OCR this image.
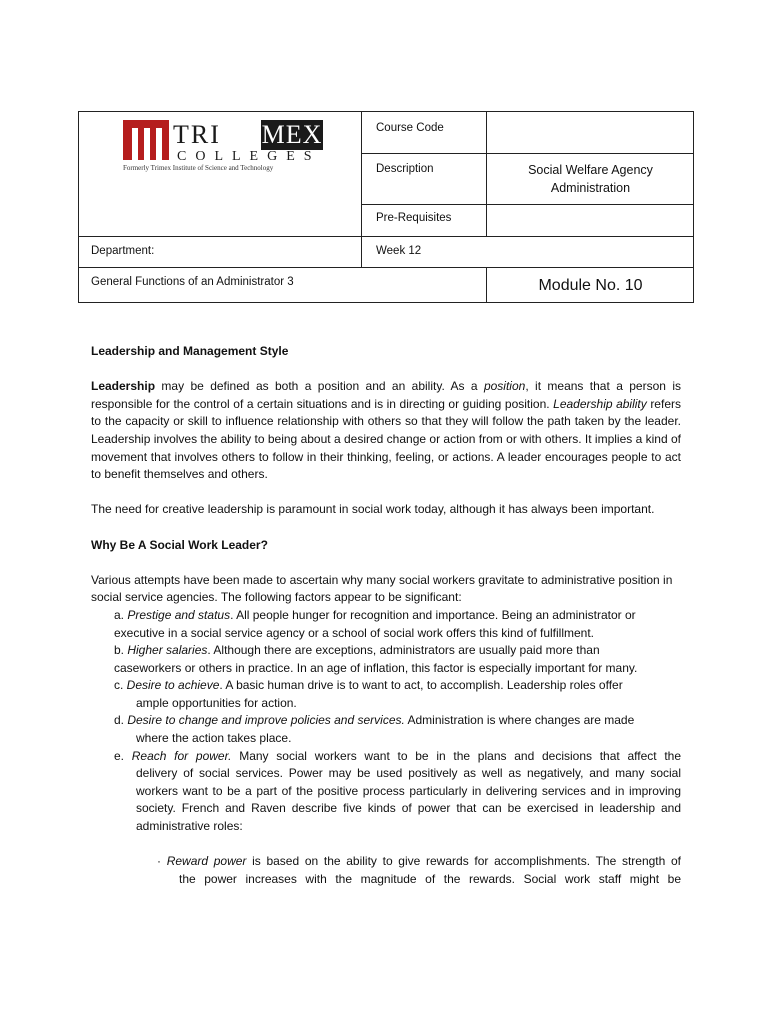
TRI	MEX
COLLEGES
Formerly Trimex Institute of Science and Technology
Course Code
Description	Social Welfare Agency
Administration
Pre-Requisites
Department:	Week 12
General Functions of an Administrator 3	Module No. 10
Leadership and Management Style

Leadership may be defined as both a position and an ability. As a position, it means that a person is responsible for the control of a certain situations and is in directing or guiding position. Leadership ability refers to the capacity or skill to influence relationship with others so that they will follow the path taken by the leader. Leadership involves the ability to being about a desired change or action from or with others. It implies a kind of movement that involves others to follow in their thinking, feeling, or actions. A leader encourages people to act to benefit themselves and others.

The need for creative leadership is paramount in social work today, although it has always been important.

Why Be A Social Work Leader?

Various attempts have been made to ascertain why many social workers gravitate to administrative position in social service agencies. The following factors appear to be significant:

a. Prestige and status. All people hunger for recognition and importance. Being an administrator or
executive in a social service agency or a school of social work offers this kind of fulfillment.
b. Higher salaries. Although there are exceptions, administrators are usually paid more than
caseworkers or others in practice. In an age of inflation, this factor is especially important for many.
c. Desire to achieve. A basic human drive is to want to act, to accomplish. Leadership roles offer
ample opportunities for action.
d. Desire to change and improve policies and services. Administration is where changes are made
where the action takes place.
e. Reach for power. Many social workers want to be in the plans and decisions that affect the
delivery of social services. Power may be used positively as well as negatively, and many social workers want to be a part of the positive process particularly in delivering services and in improving society. French and Raven describe five kinds of power that can be exercised in leadership and administrative roles:
· Reward power is based on the ability to give rewards for accomplishments. The strength of
the power increases with the magnitude of the rewards. Social work staff might be
